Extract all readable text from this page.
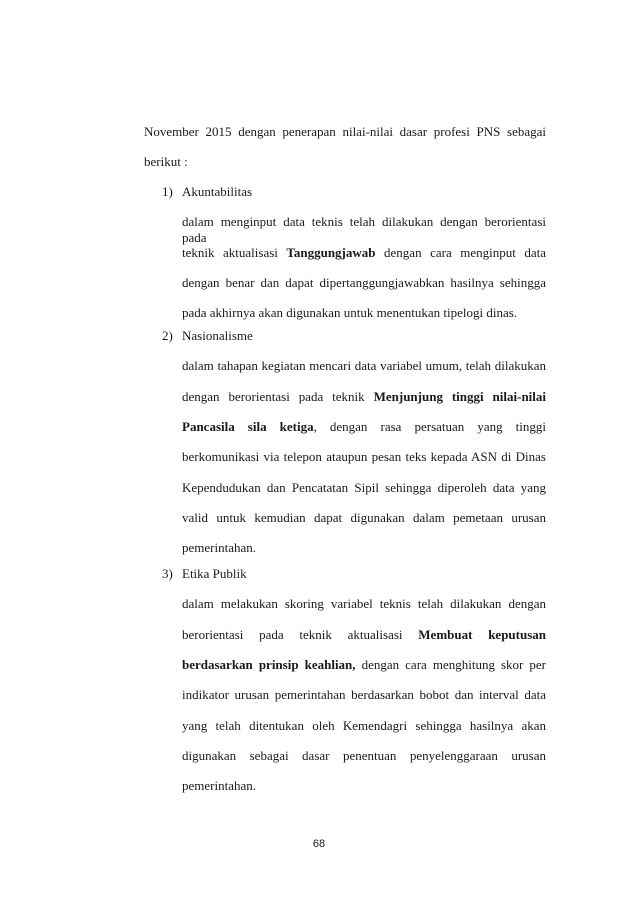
November 2015 dengan penerapan nilai-nilai dasar profesi PNS sebagai
berikut :
1) Akuntabilitas
dalam menginput data teknis telah dilakukan dengan berorientasi pada
teknik aktualisasi Tanggungjawab dengan cara menginput data
dengan benar dan dapat dipertanggungjawabkan hasilnya sehingga
pada akhirnya akan digunakan untuk menentukan tipelogi dinas.
2) Nasionalisme
dalam tahapan kegiatan mencari data variabel umum, telah dilakukan
dengan berorientasi pada teknik Menjunjung tinggi nilai-nilai
Pancasila sila ketiga, dengan rasa persatuan yang tinggi
berkomunikasi via telepon ataupun pesan teks kepada ASN di Dinas
Kependudukan dan Pencatatan Sipil sehingga diperoleh data yang
valid untuk kemudian dapat digunakan dalam pemetaan urusan
pemerintahan.
3) Etika Publik
dalam melakukan skoring variabel teknis telah dilakukan dengan
berorientasi pada teknik aktualisasi Membuat keputusan
berdasarkan prinsip keahlian, dengan cara menghitung skor per
indikator urusan pemerintahan berdasarkan bobot dan interval data
yang telah ditentukan oleh Kemendagri sehingga hasilnya akan
digunakan sebagai dasar penentuan penyelenggaraan urusan
pemerintahan.
68
